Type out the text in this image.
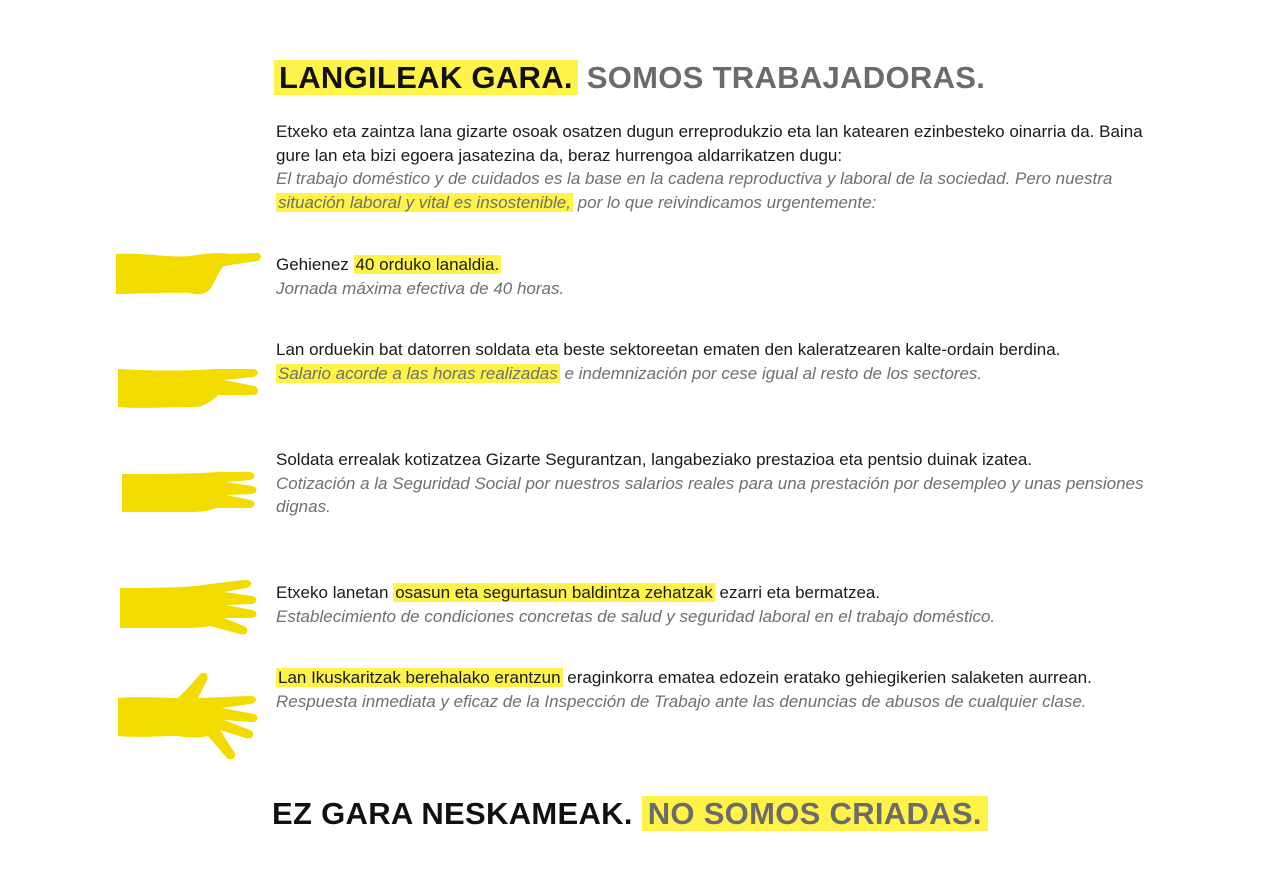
LANGILEAK GARA. SOMOS TRABAJADORAS.
Etxeko eta zaintza lana gizarte osoak osatzen dugun erreprodukzio eta lan katearen ezinbesteko oinarria da. Baina gure lan eta bizi egoera jasatezina da, beraz hurrengoa aldarrikatzen dugu:
El trabajo doméstico y de cuidados es la base en la cadena reproductiva y laboral de la sociedad. Pero nuestra situación laboral y vital es insostenible, por lo que reivindicamos urgentemente:
Gehienez 40 orduko lanaldia.
Jornada máxima efectiva de 40 horas.
Lan orduekin bat datorren soldata eta beste sektoreetan ematen den kaleratzearen kalte-ordain berdina.
Salario acorde a las horas realizadas e indemnización por cese igual al resto de los sectores.
Soldata errealak kotizatzea Gizarte Segurantzan, langabeziako prestazioa eta pentsio duinak izatea.
Cotización a la Seguridad Social por nuestros salarios reales para una prestación por desempleo y unas pensiones dignas.
Etxeko lanetan osasun eta segurtasun baldintza zehatzak ezarri eta bermatzea.
Establecimiento de condiciones concretas de salud y seguridad laboral en el trabajo doméstico.
Lan Ikuskaritzak berehalako erantzun eraginkorra ematea edozein eratako gehiegikerien salaketen aurrean.
Respuesta inmediata y eficaz de la Inspección de Trabajo ante las denuncias de abusos de cualquier clase.
EZ GARA NESKAMEAK. NO SOMOS CRIADAS.
